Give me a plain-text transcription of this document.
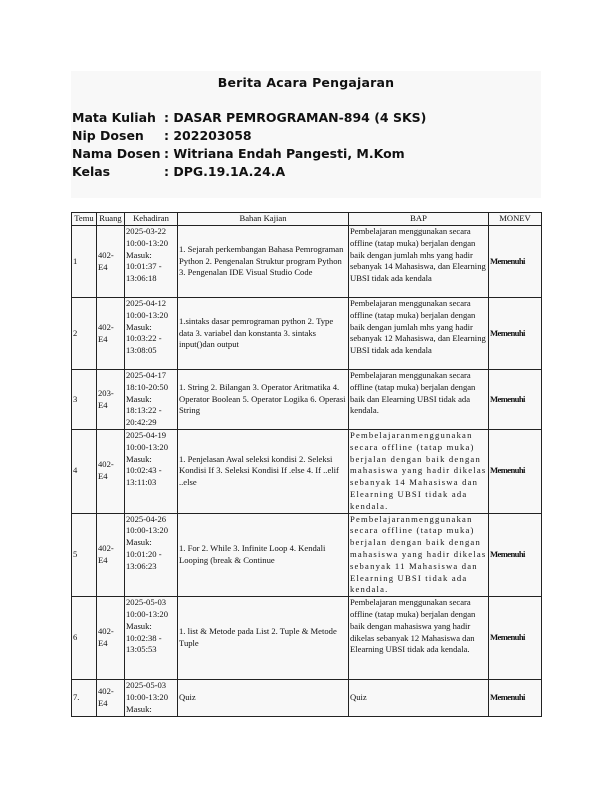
Berita Acara Pengajaran
Mata Kuliah : DASAR PEMROGRAMAN-894 (4 SKS)
Nip Dosen : 202203058
Nama Dosen : Witriana Endah Pangesti, M.Kom
Kelas	: DPG.19.1A.24.A
Temu	Ruang	Kehadiran	Bahan Kajian	BAP	MONEV
1	402-E4	2025-03-22 10:00-13:20 Masuk: 10:01:37 - 13:06:18	1. Sejarah perkembangan Bahasa Pemrograman Python 2. Pengenalan Struktur program Python 3. Pengenalan IDE Visual Studio Code	Pembelajaran menggunakan secara offline (tatap muka) berjalan dengan baik dengan jumlah mhs yang hadir sebanyak 14 Mahasiswa, dan Elearning UBSI tidak ada kendala	Memenuhi
2	402-E4	2025-04-12 10:00-13:20 Masuk: 10:03:22 - 13:08:05	1.sintaks dasar pemrograman python 2. Type data 3. variabel dan konstanta 3. sintaks input()dan output	Pembelajaran menggunakan secara offline (tatap muka) berjalan dengan baik dengan jumlah mhs yang hadir sebanyak 12 Mahasiswa, dan Elearning UBSI tidak ada kendala	Memenuhi
3	203-E4	2025-04-17 18:10-20:50 Masuk: 18:13:22 - 20:42:29	1. String 2. Bilangan 3. Operator Aritmatika 4. Operator Boolean 5. Operator Logika 6. Operasi String	Pembelajaran menggunakan secara offline (tatap muka) berjalan dengan baik dan Elearning UBSI tidak ada kendala.	Memenuhi
4	402-E4	2025-04-19 10:00-13:20 Masuk: 10:02:43 - 13:11:03	1. Penjelasan Awal seleksi kondisi 2. Seleksi Kondisi If 3. Seleksi Kondisi If .else 4. If ..elif ..else	Pembelajaranmenggunakan secara offline (tatap muka) berjalan dengan baik dengan mahasiswa yang hadir dikelas sebanyak 14 Mahasiswa dan Elearning UBSI tidak ada kendala.	Memenuhi
5	402-E4	2025-04-26 10:00-13:20 Masuk: 10:01:20 - 13:06:23	1. For 2. While 3. Infinite Loop 4. Kendali Looping (break & Continue	Pembelajaranmenggunakan secara offline (tatap muka) berjalan dengan baik dengan mahasiswa yang hadir dikelas sebanyak 11 Mahasiswa dan Elearning UBSI tidak ada kendala.	Memenuhi
6	402-E4	2025-05-03 10:00-13:20 Masuk: 10:02:38 - 13:05:53	1. list & Metode pada List 2. Tuple & Metode Tuple	Pembelajaran menggunakan secara offline (tatap muka) berjalan dengan baik dengan mahasiswa yang hadir dikelas sebanyak 12 Mahasiswa dan Elearning UBSI tidak ada kendala.	Memenuhi
7.	402-E4	2025-05-03 10:00-13:20 Masuk:	Quiz	Quiz	Memenuhi
